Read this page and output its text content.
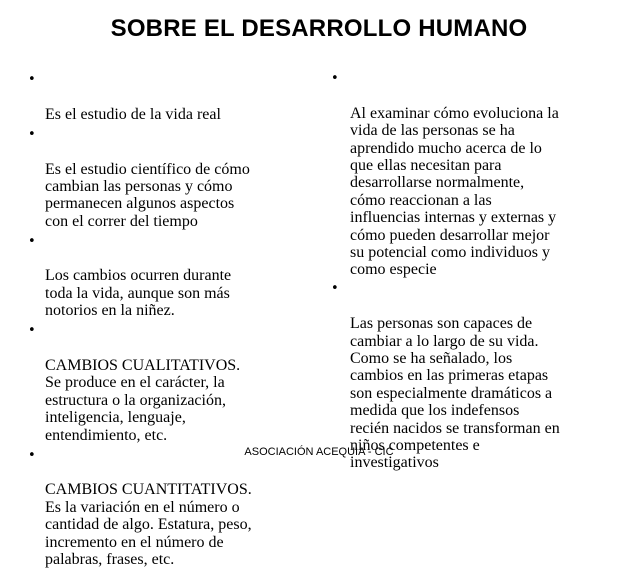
SOBRE EL DESARROLLO HUMANO

•

Es el estudio de la vida real

•

Es el estudio científico de cómo
cambian las personas y cómo
permanecen algunos aspectos
con el correr del tiempo

•

Los cambios ocurren durante
toda la vida, aunque son más
notorios en la niñez.

•

CAMBIOS CUALITATIVOS.
Se produce en el carácter, la
estructura o la organización,
inteligencia, lenguaje,
entendimiento, etc.

•

CAMBIOS CUANTITATIVOS.
Es la variación en el número o
cantidad de algo. Estatura, peso,
incremento en el número de
palabras, frases, etc.

•

Al examinar cómo evoluciona la
vida de las personas se ha
aprendido mucho acerca de lo
que ellas necesitan para
desarrollarse normalmente,
cómo reaccionan a las
influencias internas y externas y
cómo pueden desarrollar mejor
su potencial como individuos y
como especie

•

Las personas son capaces de
cambiar a lo largo de su vida.
Como se ha señalado, los
cambios en las primeras etapas
son especialmente dramáticos a
medida que los indefensos
recién nacidos se transforman en
niños competentes e
investigativos

ASOCIACIÓN ACEQUIA - CIC
